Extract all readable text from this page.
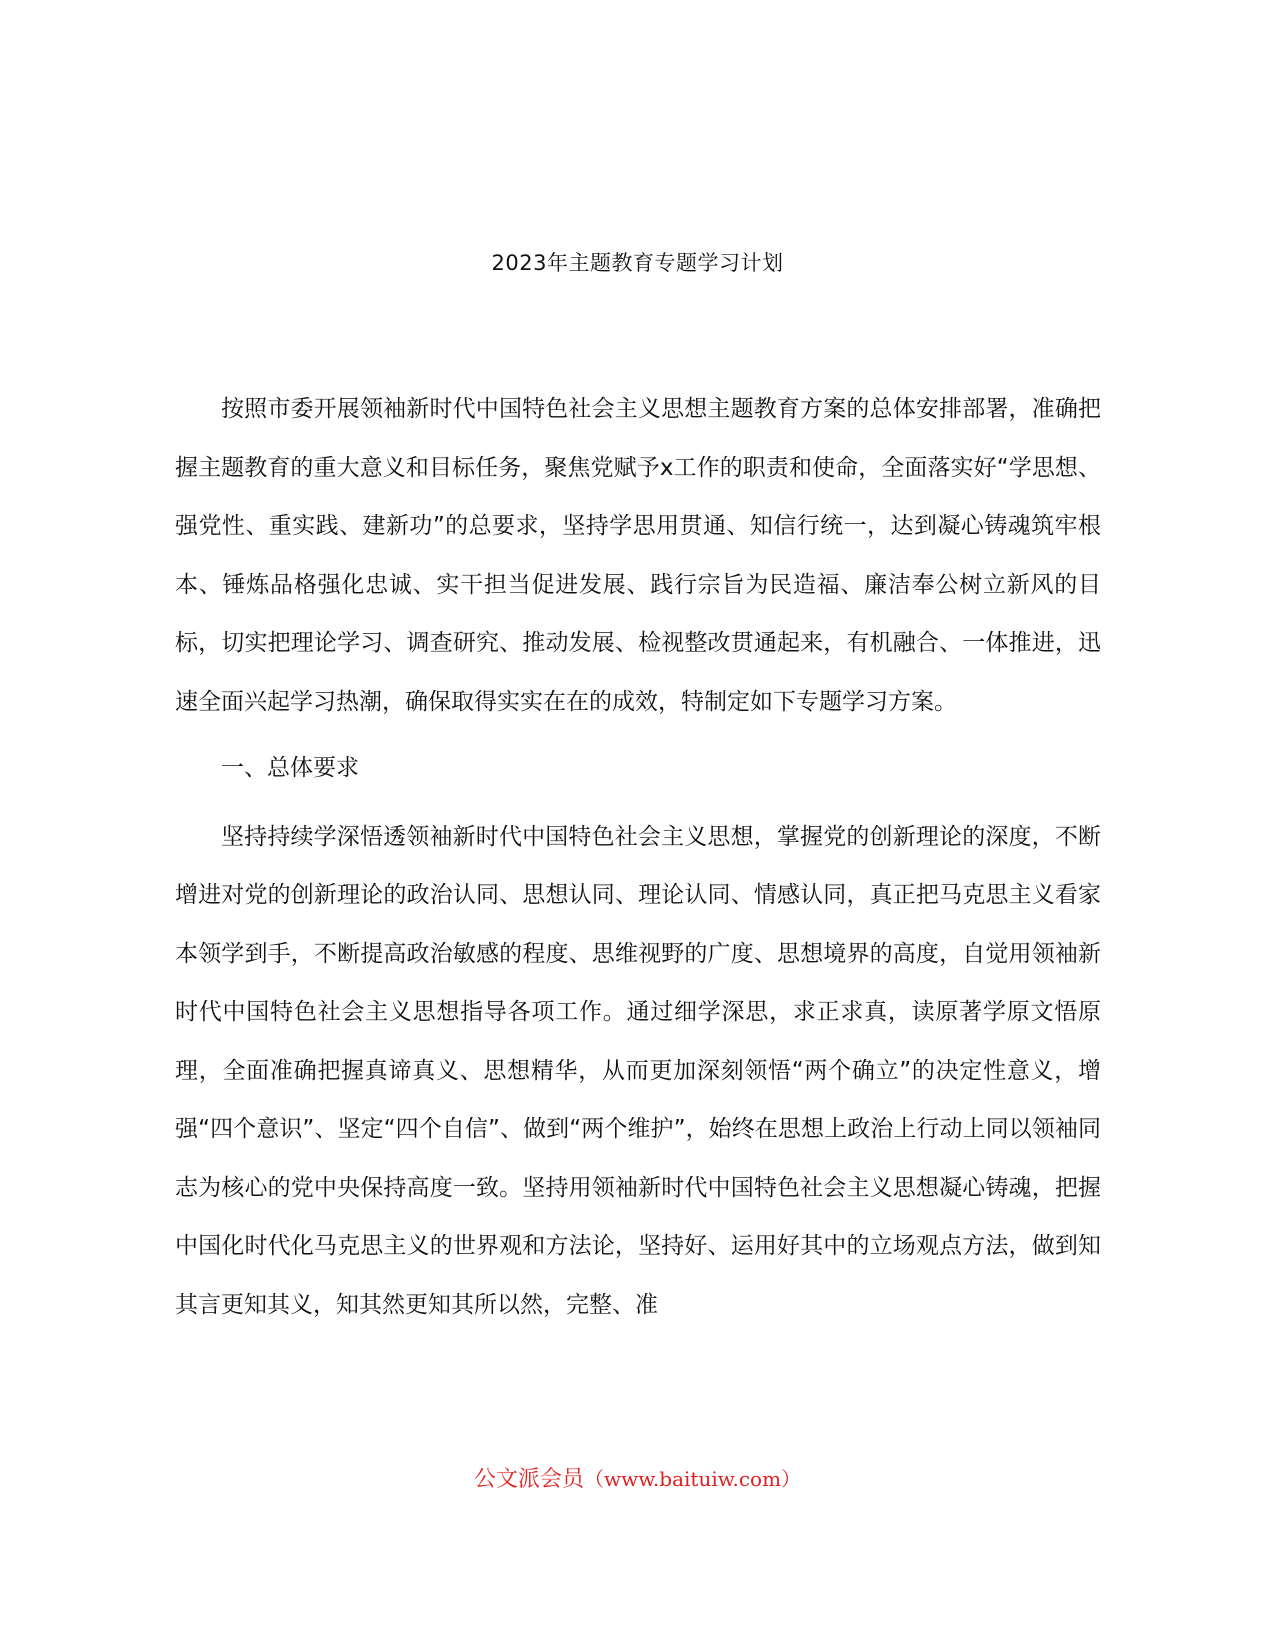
2023年主题教育专题学习计划

按照市委开展领袖新时代中国特色社会主义思想主题教育方案的总体安排部署，准确把握主题教育的重大意义和目标任务，聚焦党赋予x工作的职责和使命，全面落实好“学思想、强党性、重实践、建新功”的总要求，坚持学思用贯通、知信行统一，达到凝心铸魂筑牢根本、锤炼品格强化忠诚、实干担当促进发展、践行宗旨为民造福、廉洁奉公树立新风的目标，切实把理论学习、调查研究、推动发展、检视整改贯通起来，有机融合、一体推进，迅速全面兴起学习热潮，确保取得实实在在的成效，特制定如下专题学习方案。

一、总体要求

坚持持续学深悟透领袖新时代中国特色社会主义思想，掌握党的创新理论的深度，不断增进对党的创新理论的政治认同、思想认同、理论认同、情感认同，真正把马克思主义看家本领学到手，不断提高政治敏感的程度、思维视野的广度、思想境界的高度，自觉用领袖新时代中国特色社会主义思想指导各项工作。通过细学深思，求正求真，读原著学原文悟原理，全面准确把握真谛真义、思想精华，从而更加深刻领悟“两个确立”的决定性意义，增强“四个意识”、坚定“四个自信”、做到“两个维护”，始终在思想上政治上行动上同以领袖同志为核心的党中央保持高度一致。坚持用领袖新时代中国特色社会主义思想凝心铸魂，把握中国化时代化马克思主义的世界观和方法论，坚持好、运用好其中的立场观点方法，做到知其言更知其义，知其然更知其所以然，完整、准

公文派会员（www.baituiw.com）
